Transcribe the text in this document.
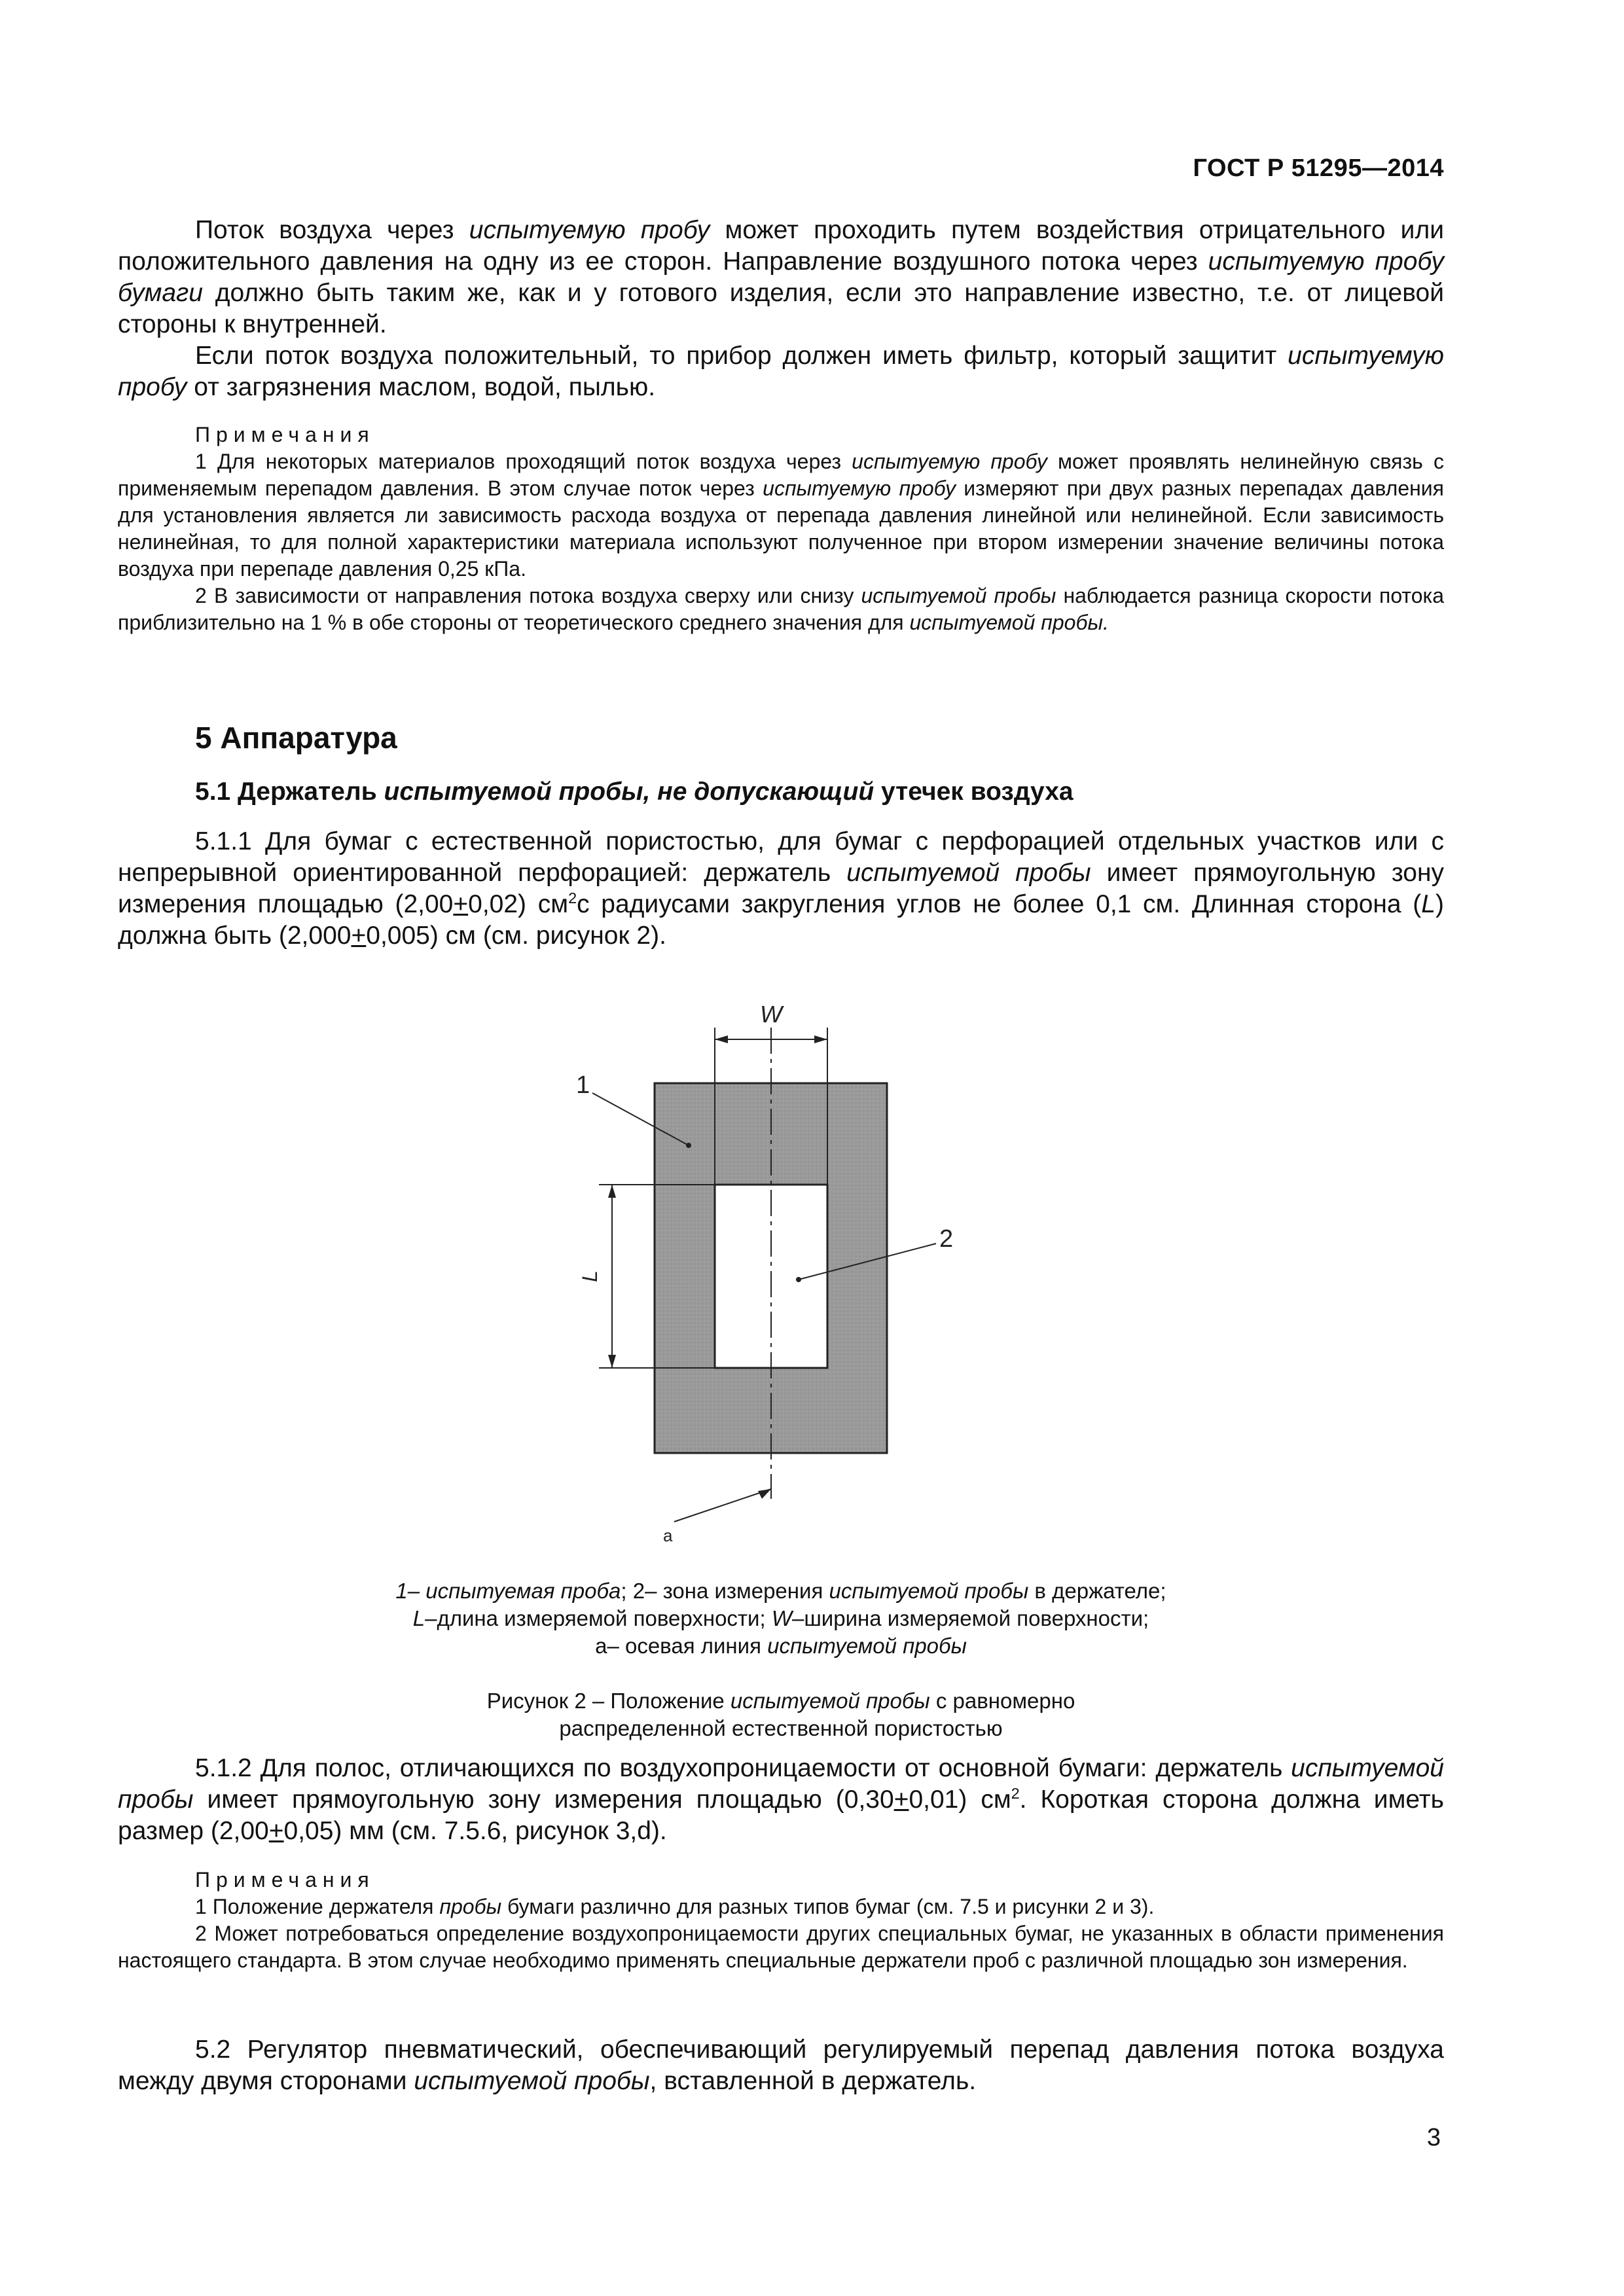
ГОСТ Р 51295—2014

Поток воздуха через испытуемую пробу может проходить путем воздействия отрицательного или положительного давления на одну из ее сторон. Направление воздушного потока через испытуемую пробу бумаги должно быть таким же, как и у готового изделия, если это направление известно, т.е. от лицевой стороны к внутренней.

Если поток воздуха положительный, то прибор должен иметь фильтр, который защитит испытуемую пробу от загрязнения маслом, водой, пылью.

Примечания

1 Для некоторых материалов проходящий поток воздуха через испытуемую пробу может проявлять нелинейную связь с применяемым перепадом давления. В этом случае поток через испытуемую пробу измеряют при двух разных перепадах давления для установления является ли зависимость расхода воздуха от перепада давления линейной или нелинейной. Если зависимость нелинейная, то для полной характеристики материала используют полученное при втором измерении значение величины потока воздуха при перепаде давления 0,25 кПа.

2 В зависимости от направления потока воздуха сверху или снизу испытуемой пробы наблюдается разница скорости потока приблизительно на 1 % в обе стороны от теоретического среднего значения для испытуемой пробы.

5 Аппаратура

5.1 Держатель испытуемой пробы, не допускающий утечек воздуха

5.1.1 Для бумаг с естественной пористостью, для бумаг с перфорацией отдельных участков или с непрерывной ориентированной перфорацией: держатель испытуемой пробы имеет прямоугольную зону измерения площадью (2,00+0,02) $см^2с$ радиусами закругления углов не более 0,1 см. Длинная сторона (L) должна быть (2,000+0,005) см (см. рисунок 2).

W
L
1
2
a
1– испытуемая проба; 2– зона измерения испытуемой пробы в держателе;
L–длина измеряемой поверхности; W–ширина измеряемой поверхности;
а– осевая линия испытуемой пробы
Рисунок 2 – Положение испытуемой пробы с равномерно
распределенной естественной пористостью

5.1.2 Для полос, отличающихся по воздухопроницаемости от основной бумаги: держатель испытуемой пробы имеет прямоугольную зону измерения площадью (0,30+0,01) $см^2$. Короткая сторона должна иметь размер (2,00+0,05) мм (см. 7.5.6, рисунок 3,d).

Примечания

1 Положение держателя пробы бумаги различно для разных типов бумаг (см. 7.5 и рисунки 2 и 3).

2 Может потребоваться определение воздухопроницаемости других специальных бумаг, не указанных в области применения настоящего стандарта. В этом случае необходимо применять специальные держатели проб с различной площадью зон измерения.

5.2 Регулятор пневматический, обеспечивающий регулируемый перепад давления потока воздуха между двумя сторонами испытуемой пробы, вставленной в держатель.

3
